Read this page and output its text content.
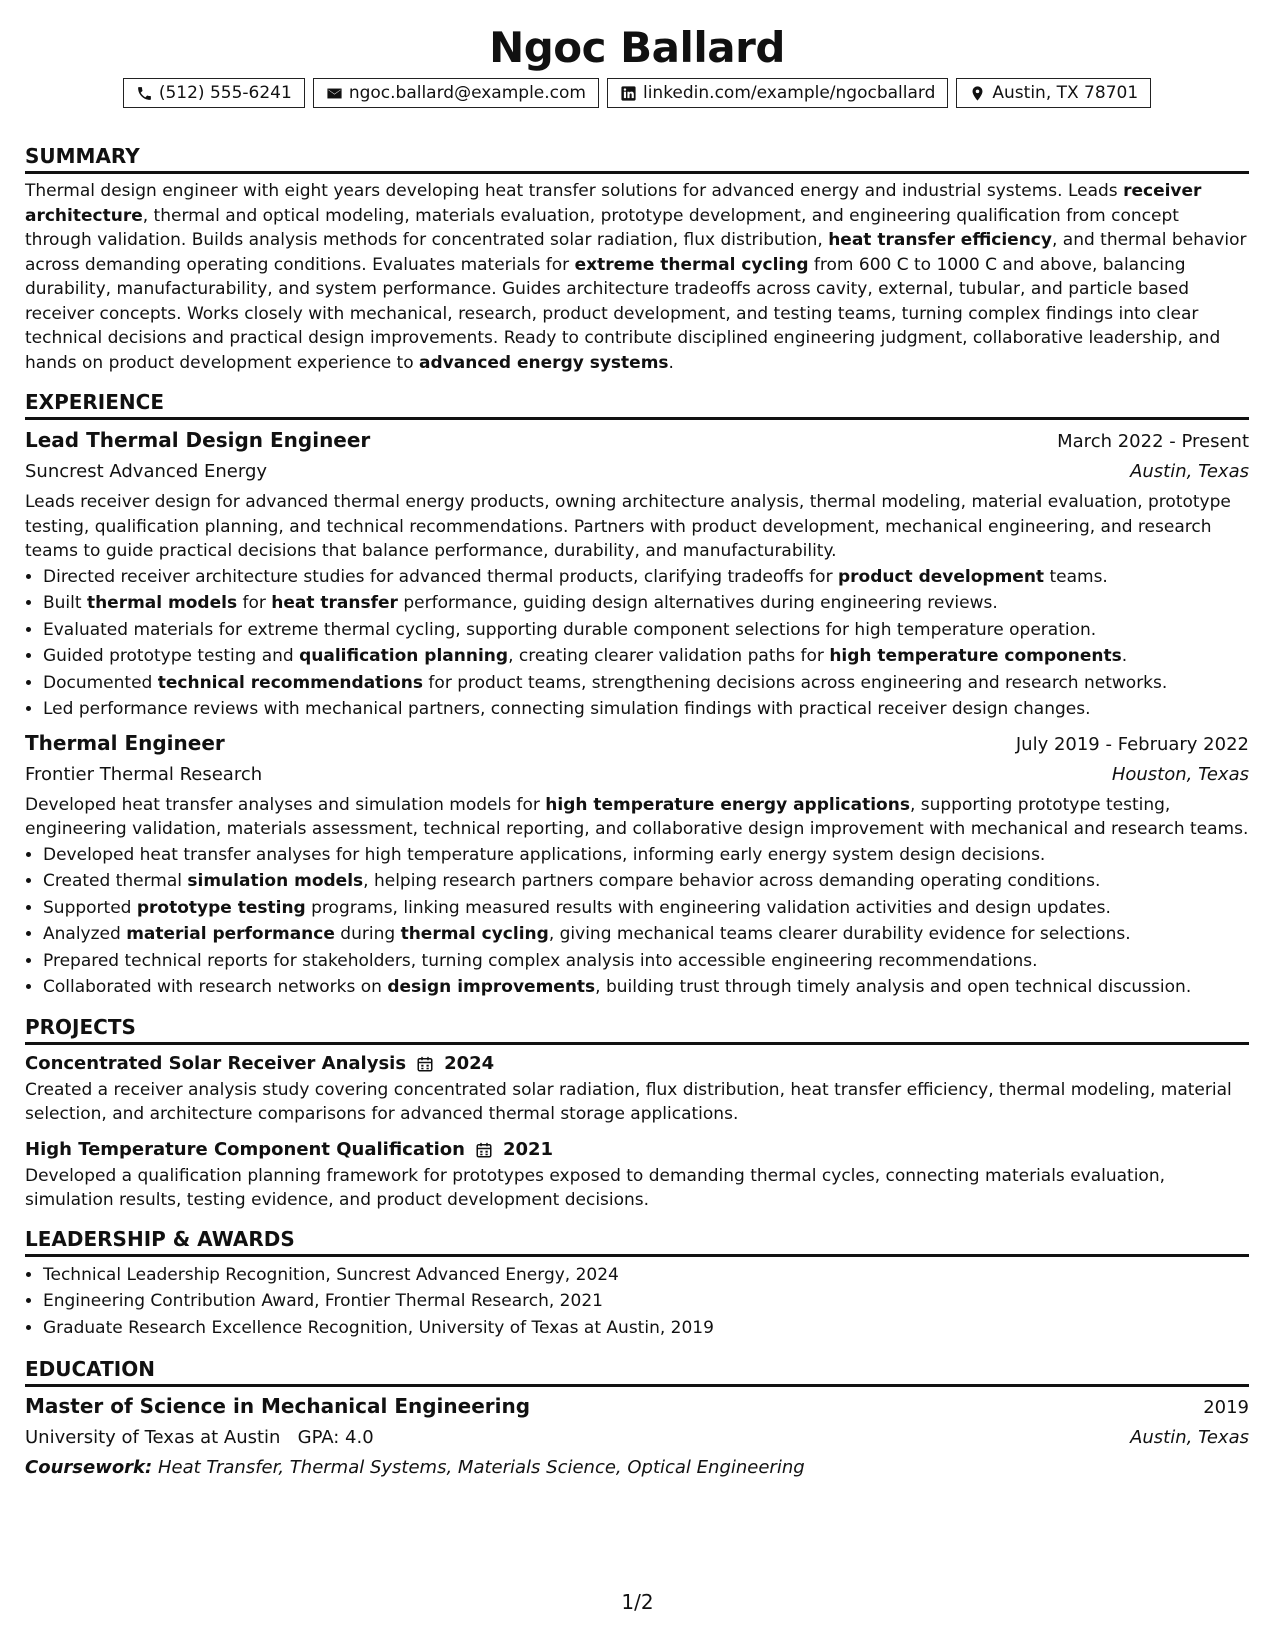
Ngoc Ballard
(512) 555-6241	ngoc.ballard@example.com	linkedin.com/example/ngocballard	Austin, TX 78701
SUMMARY

Thermal design engineer with eight years developing heat transfer solutions for advanced energy and industrial systems. Leads receiver architecture, thermal and optical modeling, materials evaluation, prototype development, and engineering qualification from concept through validation. Builds analysis methods for concentrated solar radiation, flux distribution, heat transfer efficiency, and thermal behavior across demanding operating conditions. Evaluates materials for extreme thermal cycling from 600 C to 1000 C and above, balancing durability, manufacturability, and system performance. Guides architecture tradeoffs across cavity, external, tubular, and particle based receiver concepts. Works closely with mechanical, research, product development, and testing teams, turning complex findings into clear technical decisions and practical design improvements. Ready to contribute disciplined engineering judgment, collaborative leadership, and hands on product development experience to advanced energy systems.

EXPERIENCE
Lead Thermal Design Engineer	March 2022 - Present
Suncrest Advanced Energy	Austin, Texas

Leads receiver design for advanced thermal energy products, owning architecture analysis, thermal modeling, material evaluation, prototype testing, qualification planning, and technical recommendations. Partners with product development, mechanical engineering, and research teams to guide practical decisions that balance performance, durability, and manufacturability.

• Directed receiver architecture studies for advanced thermal products, clarifying tradeoffs for product development teams.
• Built thermal models for heat transfer performance, guiding design alternatives during engineering reviews.
• Evaluated materials for extreme thermal cycling, supporting durable component selections for high temperature operation.
• Guided prototype testing and qualification planning, creating clearer validation paths for high temperature components.
• Documented technical recommendations for product teams, strengthening decisions across engineering and research networks.
• Led performance reviews with mechanical partners, connecting simulation findings with practical receiver design changes.
Thermal Engineer	July 2019 - February 2022
Frontier Thermal Research	Houston, Texas

Developed heat transfer analyses and simulation models for high temperature energy applications, supporting prototype testing, engineering validation, materials assessment, technical reporting, and collaborative design improvement with mechanical and research teams.

• Developed heat transfer analyses for high temperature applications, informing early energy system design decisions.
• Created thermal simulation models, helping research partners compare behavior across demanding operating conditions.
• Supported prototype testing programs, linking measured results with engineering validation activities and design updates.
• Analyzed material performance during thermal cycling, giving mechanical teams clearer durability evidence for selections.
• Prepared technical reports for stakeholders, turning complex analysis into accessible engineering recommendations.
• Collaborated with research networks on design improvements, building trust through timely analysis and open technical discussion.
PROJECTS
Concentrated Solar Receiver Analysis 2024

Created a receiver analysis study covering concentrated solar radiation, flux distribution, heat transfer efficiency, thermal modeling, material selection, and architecture comparisons for advanced thermal storage applications.

High Temperature Component Qualification 2021

Developed a qualification planning framework for prototypes exposed to demanding thermal cycles, connecting materials evaluation, simulation results, testing evidence, and product development decisions.

LEADERSHIP & AWARDS
• Technical Leadership Recognition, Suncrest Advanced Energy, 2024
• Engineering Contribution Award, Frontier Thermal Research, 2021
• Graduate Research Excellence Recognition, University of Texas at Austin, 2019
EDUCATION
Master of Science in Mechanical Engineering	2019
University of Texas at Austin GPA: 4.0	Austin, Texas
Coursework: Heat Transfer, Thermal Systems, Materials Science, Optical Engineering
1/2
